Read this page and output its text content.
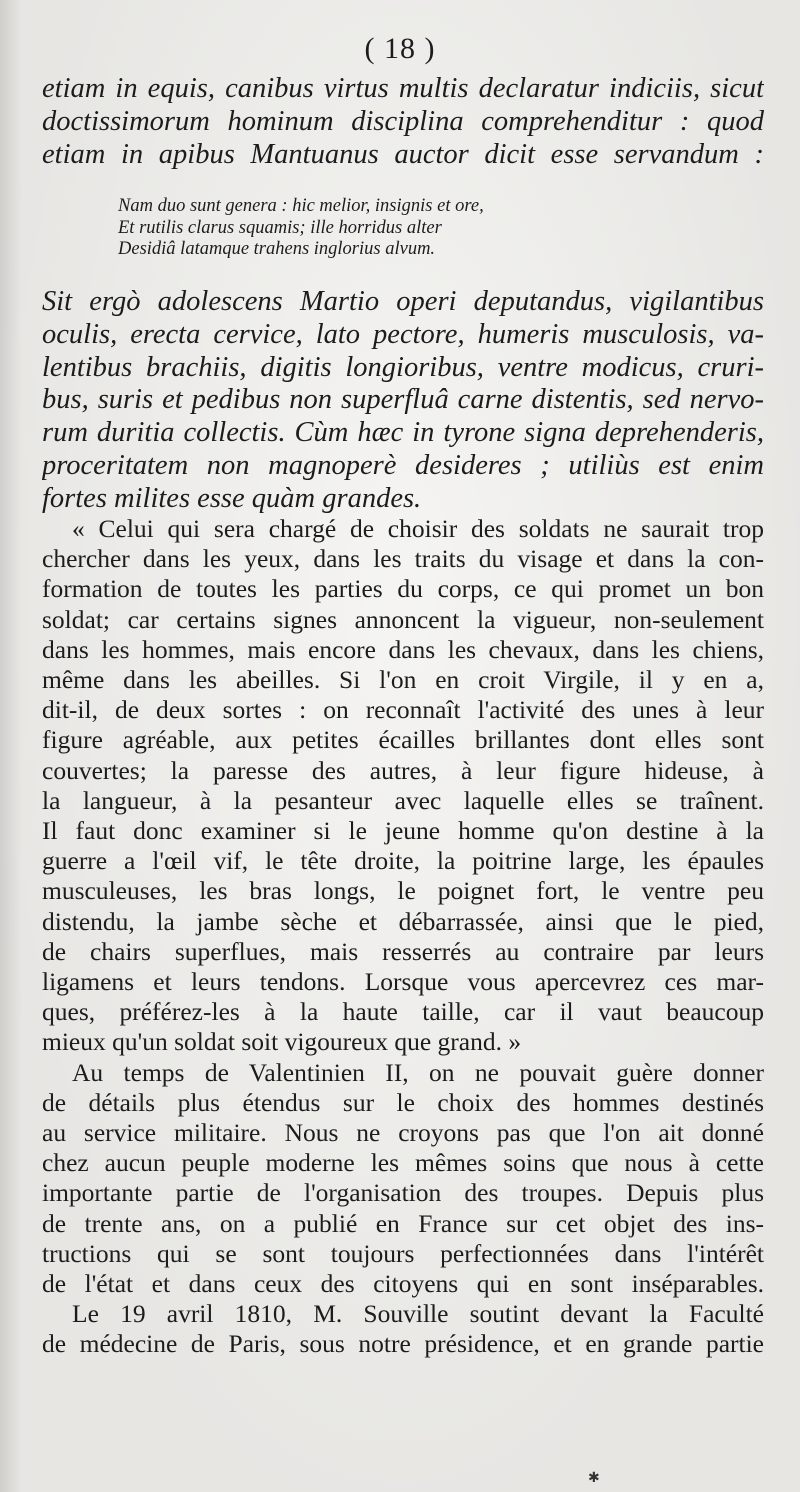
( 18 )
etiam in equis, canibus virtus multis declaratur indiciis, sicut
doctissimorum hominum disciplina comprehenditur : quod
etiam in apibus Mantuanus auctor dicit esse servandum :
Nam duo sunt genera : hic melior, insignis et ore,
Et rutilis clarus squamis; ille horridus alter
Desidiâ latamque trahens inglorius alvum.
Sit ergò adolescens Martio operi deputandus, vigilantibus
oculis, erecta cervice, lato pectore, humeris musculosis, va-
lentibus brachiis, digitis longioribus, ventre modicus, cruri-
bus, suris et pedibus non superfluâ carne distentis, sed nervo-
rum duritia collectis. Cùm hæc in tyrone signa deprehenderis,
proceritatem non magnoperè desideres ; utiliùs est enim
fortes milites esse quàm grandes.
« Celui qui sera chargé de choisir des soldats ne saurait trop
chercher dans les yeux, dans les traits du visage et dans la con-
formation de toutes les parties du corps, ce qui promet un bon
soldat; car certains signes annoncent la vigueur, non-seulement
dans les hommes, mais encore dans les chevaux, dans les chiens,
même dans les abeilles. Si l'on en croit Virgile, il y en a,
dit-il, de deux sortes : on reconnaît l'activité des unes à leur
figure agréable, aux petites écailles brillantes dont elles sont
couvertes; la paresse des autres, à leur figure hideuse, à
la langueur, à la pesanteur avec laquelle elles se traînent.
Il faut donc examiner si le jeune homme qu'on destine à la
guerre a l'œil vif, le tête droite, la poitrine large, les épaules
musculeuses, les bras longs, le poignet fort, le ventre peu
distendu, la jambe sèche et débarrassée, ainsi que le pied,
de chairs superflues, mais resserrés au contraire par leurs
ligamens et leurs tendons. Lorsque vous apercevrez ces mar-
ques, préférez-les à la haute taille, car il vaut beaucoup
mieux qu'un soldat soit vigoureux que grand. »
Au temps de Valentinien II, on ne pouvait guère donner
de détails plus étendus sur le choix des hommes destinés
au service militaire. Nous ne croyons pas que l'on ait donné
chez aucun peuple moderne les mêmes soins que nous à cette
importante partie de l'organisation des troupes. Depuis plus
de trente ans, on a publié en France sur cet objet des ins-
tructions qui se sont toujours perfectionnées dans l'intérêt
de l'état et dans ceux des citoyens qui en sont inséparables.
Le 19 avril 1810, M. Souville soutint devant la Faculté
de médecine de Paris, sous notre présidence, et en grande partie
✱
